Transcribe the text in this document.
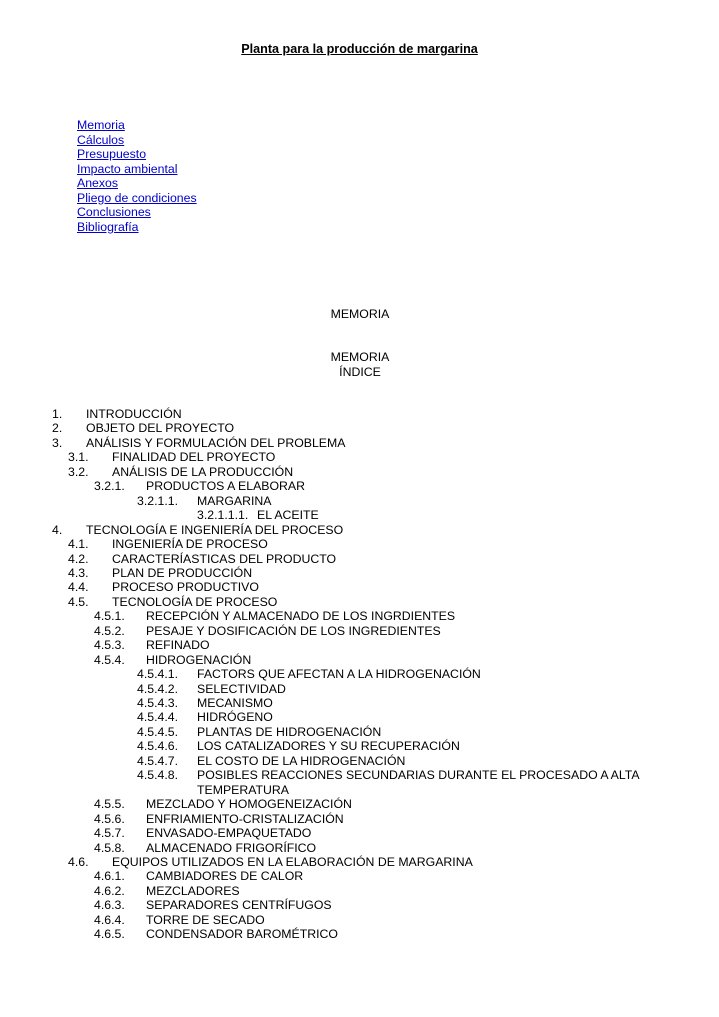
Planta para la producción de margarina
Memoria
Cálculos
Presupuesto
Impacto ambiental
Anexos
Pliego de condiciones
Conclusiones
Bibliografía
MEMORIA
MEMORIA
ÍNDICE
1. INTRODUCCIÓN
2. OBJETO DEL PROYECTO
3. ANÁLISIS Y FORMULACIÓN DEL PROBLEMA
3.1. FINALIDAD DEL PROYECTO
3.2. ANÁLISIS DE LA PRODUCCIÓN
3.2.1. PRODUCTOS A ELABORAR
3.2.1.1. MARGARINA
3.2.1.1.1. EL ACEITE
4. TECNOLOGÍA E INGENIERÍA DEL PROCESO
4.1. INGENIERÍA DE PROCESO
4.2. CARACTERÍASTICAS DEL PRODUCTO
4.3. PLAN DE PRODUCCIÓN
4.4. PROCESO PRODUCTIVO
4.5. TECNOLOGÍA DE PROCESO
4.5.1. RECEPCIÓN Y ALMACENADO DE LOS INGRDIENTES
4.5.2. PESAJE Y DOSIFICACIÓN DE LOS INGREDIENTES
4.5.3. REFINADO
4.5.4. HIDROGENACIÓN
4.5.4.1. FACTORS QUE AFECTAN A LA HIDROGENACIÓN
4.5.4.2. SELECTIVIDAD
4.5.4.3. MECANISMO
4.5.4.4. HIDRÓGENO
4.5.4.5. PLANTAS DE HIDROGENACIÓN
4.5.4.6. LOS CATALIZADORES Y SU RECUPERACIÓN
4.5.4.7. EL COSTO DE LA HIDROGENACIÓN
4.5.4.8. POSIBLES REACCIONES SECUNDARIAS DURANTE EL PROCESADO A ALTA
TEMPERATURA
4.5.5. MEZCLADO Y HOMOGENEIZACIÓN
4.5.6. ENFRIAMIENTO-CRISTALIZACIÓN
4.5.7. ENVASADO-EMPAQUETADO
4.5.8. ALMACENADO FRIGORÍFICO
4.6. EQUIPOS UTILIZADOS EN LA ELABORACIÓN DE MARGARINA
4.6.1. CAMBIADORES DE CALOR
4.6.2. MEZCLADORES
4.6.3. SEPARADORES CENTRÍFUGOS
4.6.4. TORRE DE SECADO
4.6.5. CONDENSADOR BAROMÉTRICO
